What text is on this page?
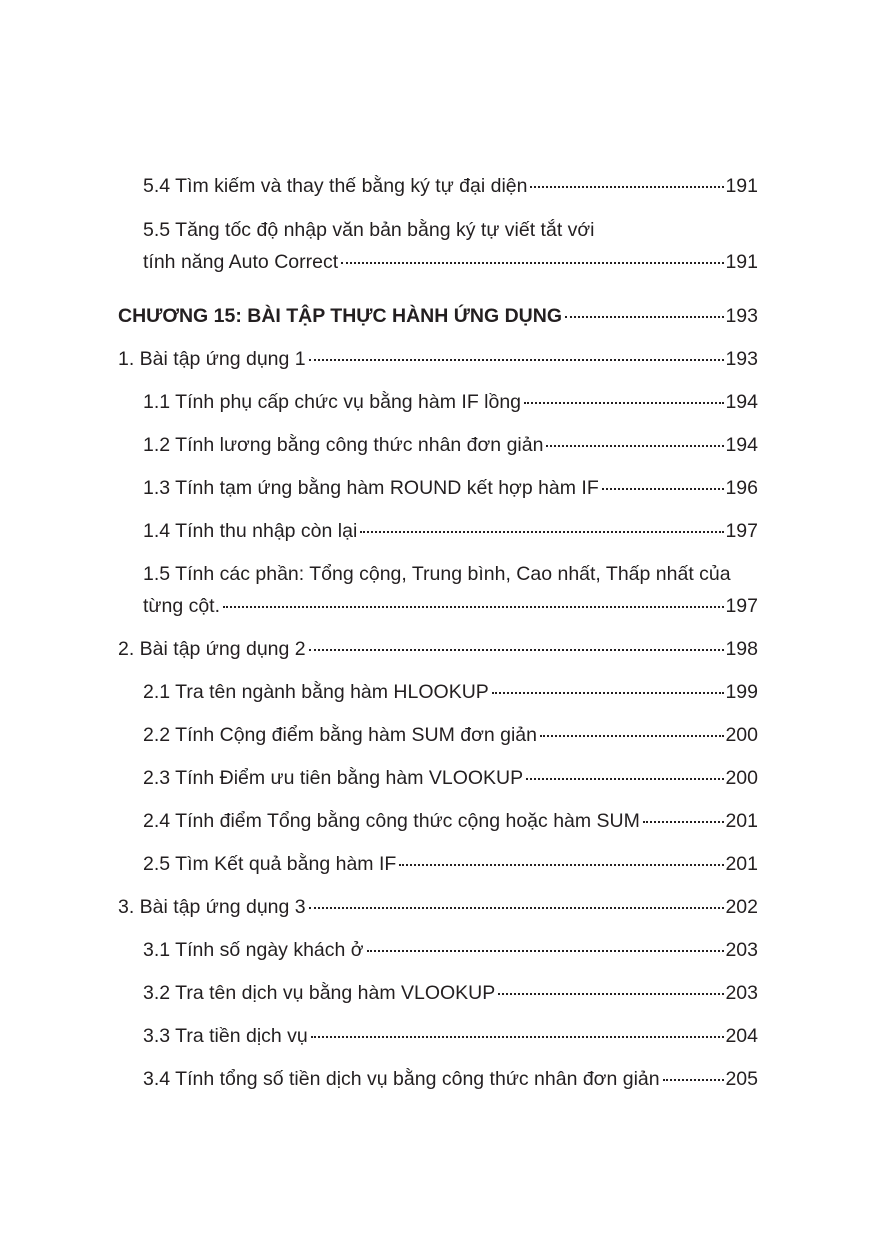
5.4 Tìm kiếm và thay thế bằng ký tự đại diện	191
5.5 Tăng tốc độ nhập văn bản bằng ký tự viết tắt với
tính năng Auto Correct	191
CHƯƠNG 15: BÀI TẬP THỰC HÀNH ỨNG DỤNG	193
1. Bài tập ứng dụng 1	193
1.1 Tính phụ cấp chức vụ bằng hàm IF lồng	194
1.2 Tính lương bằng công thức nhân đơn giản	194
1.3 Tính tạm ứng bằng hàm ROUND kết hợp hàm IF	196
1.4 Tính thu nhập còn lại	197
1.5 Tính các phần: Tổng cộng, Trung bình, Cao nhất, Thấp nhất của
từng cột.	197
2. Bài tập ứng dụng 2	198
2.1 Tra tên ngành bằng hàm HLOOKUP	199
2.2 Tính Cộng điểm bằng hàm SUM đơn giản	200
2.3 Tính Điểm ưu tiên bằng hàm VLOOKUP	200
2.4 Tính điểm Tổng bằng công thức cộng hoặc hàm SUM	201
2.5 Tìm Kết quả bằng hàm IF	201
3. Bài tập ứng dụng 3	202
3.1 Tính số ngày khách ở	203
3.2 Tra tên dịch vụ bằng hàm VLOOKUP	203
3.3 Tra tiền dịch vụ	204
3.4 Tính tổng số tiền dịch vụ bằng công thức nhân đơn giản	205
